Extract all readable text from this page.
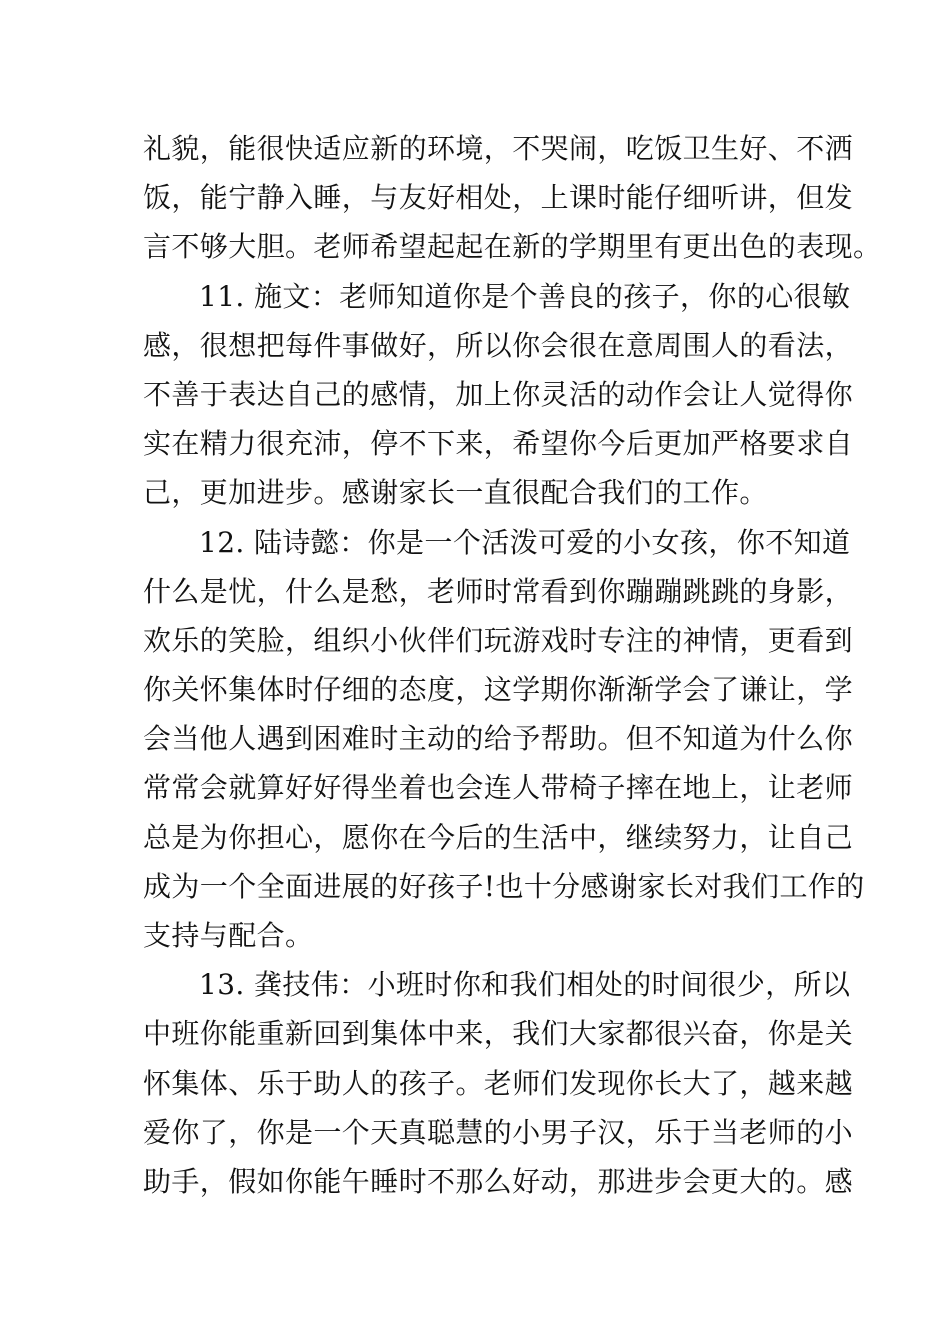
礼貌，能很快适应新的环境，不哭闹，吃饭卫生好、不洒
饭，能宁静入睡，与友好相处，上课时能仔细听讲，但发
言不够大胆。老师希望起起在新的学期里有更出色的表现。
11. 施文：老师知道你是个善良的孩子，你的心很敏
感，很想把每件事做好，所以你会很在意周围人的看法，
不善于表达自己的感情，加上你灵活的动作会让人觉得你
实在精力很充沛，停不下来，希望你今后更加严格要求自
己，更加进步。感谢家长一直很配合我们的工作。
12. 陆诗懿：你是一个活泼可爱的小女孩，你不知道
什么是忧，什么是愁，老师时常看到你蹦蹦跳跳的身影，
欢乐的笑脸，组织小伙伴们玩游戏时专注的神情，更看到
你关怀集体时仔细的态度，这学期你渐渐学会了谦让，学
会当他人遇到困难时主动的给予帮助。但不知道为什么你
常常会就算好好得坐着也会连人带椅子摔在地上，让老师
总是为你担心，愿你在今后的生活中，继续努力，让自己
成为一个全面进展的好孩子!也十分感谢家长对我们工作的
支持与配合。
13. 龚技伟：小班时你和我们相处的时间很少，所以
中班你能重新回到集体中来，我们大家都很兴奋，你是关
怀集体、乐于助人的孩子。老师们发现你长大了，越来越
爱你了，你是一个天真聪慧的小男子汉，乐于当老师的小
助手，假如你能午睡时不那么好动，那进步会更大的。感
